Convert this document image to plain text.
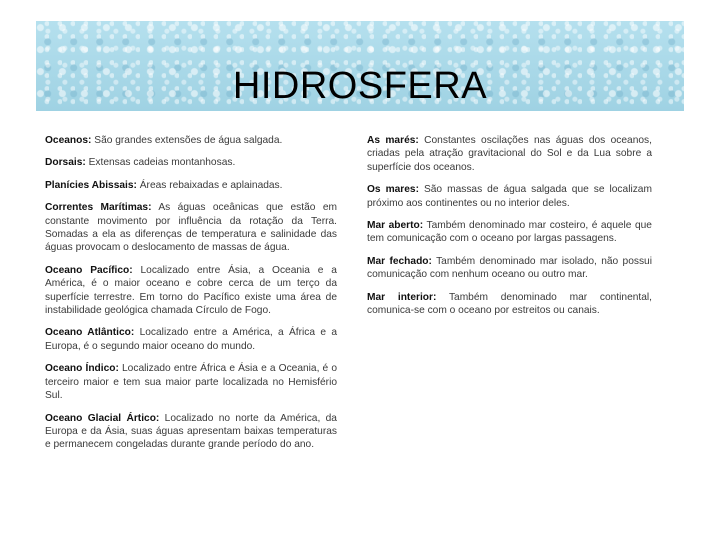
HIDROSFERA

Oceanos: São grandes extensões de água salgada.

Dorsais: Extensas cadeias montanhosas.

Planícies Abissais: Áreas rebaixadas e aplainadas.

Correntes Marítimas: As águas oceânicas que estão em constante movimento por influência da rotação da Terra. Somadas a ela as diferenças de temperatura e salinidade das águas provocam o deslocamento de massas de água.

Oceano Pacífico: Localizado entre Ásia, a Oceania e a América, é o maior oceano e cobre cerca de um terço da superfície terrestre. Em torno do Pacífico existe uma área de instabilidade geológica chamada Círculo de Fogo.

Oceano Atlântico: Localizado entre a América, a África e a Europa, é o segundo maior oceano do mundo.

Oceano Índico: Localizado entre África e Ásia e a Oceania, é o terceiro maior e tem sua maior parte localizada no Hemisfério Sul.

Oceano Glacial Ártico: Localizado no norte da América, da Europa e da Ásia, suas águas apresentam baixas temperaturas e permanecem congeladas durante grande período do ano.

As marés: Constantes oscilações nas águas dos oceanos, criadas pela atração gravitacional do Sol e da Lua sobre a superfície dos oceanos.

Os mares: São massas de água salgada que se localizam próximo aos continentes ou no interior deles.

Mar aberto: Também denominado mar costeiro, é aquele que tem comunicação com o oceano por largas passagens.

Mar fechado: Também denominado mar isolado, não possui comunicação com nenhum oceano ou outro mar.

Mar interior: Também denominado mar continental, comunica-se com o oceano por estreitos ou canais.
